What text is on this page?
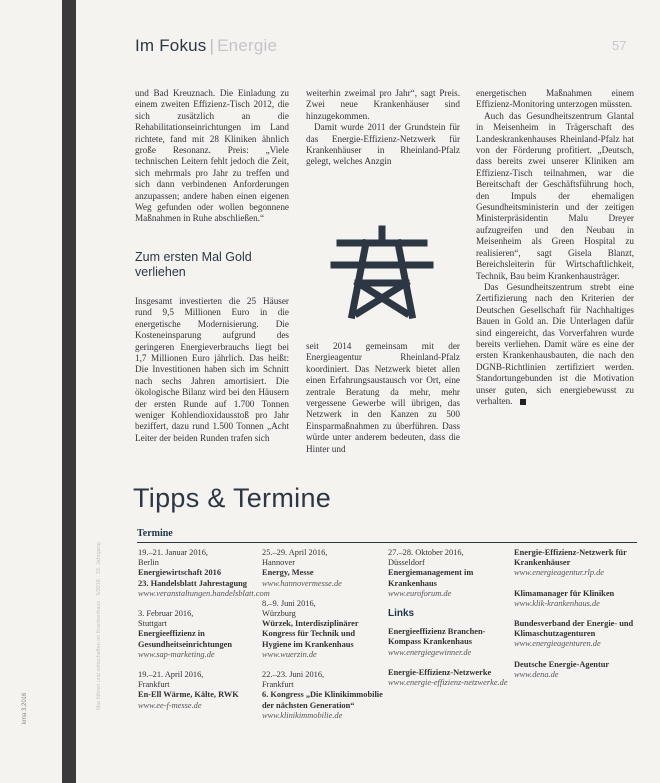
Im Fokus | Energie	57

und Bad Kreuznach. Die Einladung zu einem zweiten Effizienz-Tisch 2012, die sich zusätzlich an die Rehabilitationseinrichtungen im Land richtete, fand mit 28 Kliniken ähnlich große Resonanz. Preis: „Viele technischen Leitern fehlt jedoch die Zeit, sich mehrmals pro Jahr zu treffen und sich dann verbindenen Anforderungen anzupassen; andere haben einen eigenen Weg gefunden oder wollen begonnene Maßnahmen in Ruhe abschließen.“

Zum ersten Mal Gold verliehen

Insgesamt investierten die 25 Häuser rund 9,5 Millionen Euro in die energetische Modernisierung. Die Kosteneinsparung aufgrund des geringeren Energieverbrauchs liegt bei 1,7 Millionen Euro jährlich. Das heißt: Die Investitionen haben sich im Schnitt nach sechs Jahren amortisiert. Die ökologische Bilanz wird bei den Häusern der ersten Runde auf 1.700 Tonnen weniger Kohlendioxidausstoß pro Jahr beziffert, dazu rund 1.500 Tonnen „Acht Leiter der beiden Runden trafen sich

weiterhin zweimal pro Jahr“, sagt Preis. Zwei neue Krankenhäuser sind hinzugekommen.

Damit wurde 2011 der Grundstein für das Energie-Effizienz-Netzwerk für Krankenhäuser in Rheinland-Pfalz gelegt, welches Anzgin

seit 2014 gemeinsam mit der Energieagentur Rheinland-Pfalz koordiniert. Das Netzwerk bietet allen einen Erfahrungsaustausch vor Ort, eine zentrale Beratung da mehr, mehr vergessene Gewerbe will übrigen, das Netzwerk in den Kanzen zu 500 Einsparmaßnahmen zu überführen. Dass würde unter anderem bedeuten, dass die Hinter und

energetischen Maßnahmen einem Effizienz-Monitoring unterzogen müssten.

Auch das Gesundheitszentrum Glantal in Meisenheim in Trägerschaft des Landeskrankenhauses Rheinland-Pfalz hat von der Förderung profitiert. „Deutsch, dass bereits zwei unserer Kliniken am Effizienz-Tisch teilnahmen, war die Bereitschaft der Geschäftsführung hoch, den Impuls der ehemaligen Gesundheitsministerin und der zeitigen Ministerpräsidentin Malu Dreyer aufzugreifen und den Neubau in Meisenheim als Green Hospital zu realisieren“, sagt Gisela Blanzt, Bereichsleiterin für Wirtschaftlichkeit, Technik, Bau beim Krankenhausträger.

Das Gesundheitszentrum strebt eine Zertifizierung nach den Kriterien der Deutschen Gesellschaft für Nachhaltiges Bauen in Gold an. Die Unterlagen dafür sind eingereicht, das Vorverfahren wurde bereits verliehen. Damit wäre es eine der ersten Krankenhausbauten, die nach den DGNB-Richtlinien zertifiziert werden. Standortungebunden ist die Motivation unser guten, sich energiebewusst zu verhalten.

Tipps & Termine
Termine
19.–21. Januar 2016,
Berlin
Energiewirtschaft 2016
23. Handelsblatt Jahrestagung
www.veranstaltungen.handelsblatt.com
3. Februar 2016,
Stuttgart
Energieeffizienz in Gesundheitseinrichtungen
www.sap-marketing.de
19.–21. April 2016,
Frankfurt
En-Ell Wärme, Kälte, RWK
www.ee-f-messe.de
25.–29. April 2016,
Hannover
Energy, Messe
www.hannovermesse.de
8.–9. Juni 2016,
Würzburg
Würzek, Interdisziplinärer Kongress für Technik und Hygiene im Krankenhaus
www.wuerzin.de
22.–23. Juni 2016,
Frankfurt
6. Kongress „Die Klinikimmobilie der nächsten Generation“
www.klinikimmobilie.de
27.–28. Oktober 2016,
Düsseldorf
Energiemanagement im Krankenhaus
www.euroforum.de
Links
Energieeffizienz Branchen-Kompass Krankenhaus
www.energiegewinner.de
Energie-Effizienz-Netzwerke
www.energie-effizienz-netzwerke.de
Energie-Effizienz-Netzwerk für Krankenhäuser
www.energieagentur.rlp.de
Klimamanager für Kliniken
www.klik-krankenhaus.de
Bundesverband der Energie- und Klimaschutzagenturen
www.energieagenturen.de
Deutsche Energie-Agentur
www.dena.de
kma 3.2016	f&w führen und wirtschaften im Krankenhaus · 3/2016 · 33. Jahrgang
